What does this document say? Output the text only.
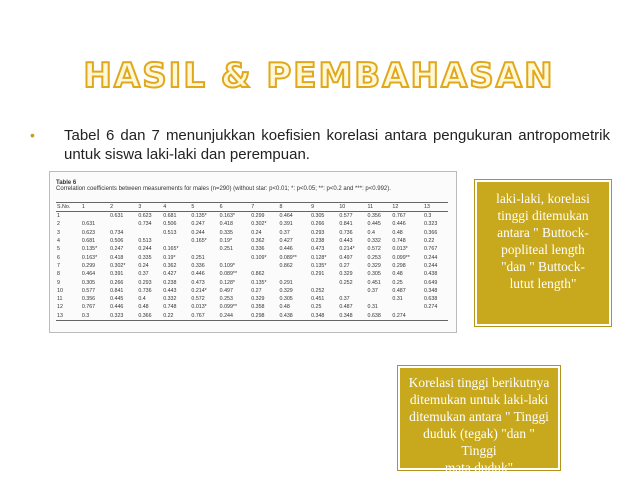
HASIL & PEMBAHASAN
• Tabel 6 dan 7 menunjukkan koefisien korelasi antara pengukuran antropometrik untuk siswa laki-laki dan perempuan.
Table 6
Correlation coefficients between measurements for males (n=290) (without star: p<0.01; *: p<0.05; **: p<0.2 and ***: p<0.992).
S.No.	1	2	3	4	5	6	7	8	9	10	11	12	13
1		0.631	0.623	0.681	0.135*	0.163*	0.299	0.464	0.305	0.577	0.356	0.767	0.3
2	0.631		0.734	0.506	0.247	0.418	0.302*	0.391	0.266	0.841	0.445	0.446	0.323
3	0.623	0.734		0.513	0.244	0.335	0.24	0.37	0.293	0.736	0.4	0.48	0.366
4	0.681	0.506	0.513		0.165*	0.19*	0.362	0.427	0.238	0.443	0.332	0.748	0.22
5	0.135*	0.247	0.244	0.165*		0.251	0.336	0.446	0.473	0.214*	0.572	0.013*	0.767
6	0.163*	0.418	0.335	0.19*	0.251		0.109*	0.089**	0.128*	0.497	0.253	0.099**	0.244
7	0.299	0.302*	0.24	0.362	0.336	0.109*		0.862	0.135*	0.27	0.329	0.298	0.244
8	0.464	0.391	0.37	0.427	0.446	0.089**	0.862		0.291	0.329	0.305	0.48	0.438
9	0.305	0.266	0.293	0.238	0.473	0.128*	0.135*	0.291		0.252	0.451	0.25	0.649
10	0.577	0.841	0.736	0.443	0.214*	0.497	0.27	0.329	0.252		0.37	0.487	0.348
11	0.356	0.445	0.4	0.332	0.572	0.253	0.329	0.305	0.451	0.37		0.31	0.638
12	0.767	0.446	0.48	0.748	0.013*	0.099**	0.358	0.48	0.25	0.487	0.31		0.274
13	0.3	0.323	0.366	0.22	0.767	0.244	0.298	0.438	0.348	0.348	0.638	0.274	
laki-laki, korelasi
tinggi ditemukan
antara " Buttock-
popliteal length
"dan " Buttock-
lutut length"
Korelasi tinggi berikutnya
ditemukan untuk laki-laki
ditemukan antara " Tinggi
duduk (tegak) "dan " Tinggi
mata duduk"
